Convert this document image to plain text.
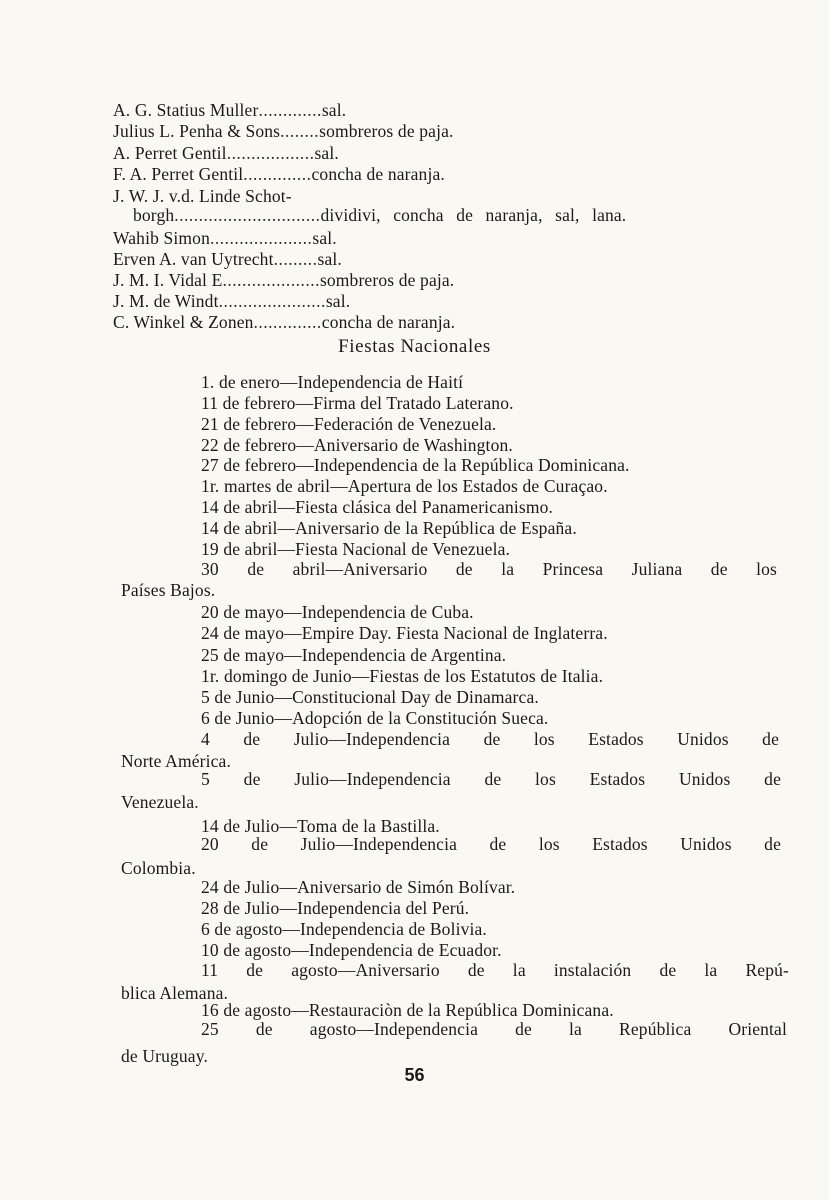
A. G. Statius Muller.............sal.
Julius L. Penha & Sons........sombreros de paja.
A. Perret Gentil..................sal.
F. A. Perret Gentil..............concha de naranja.
J. W. J. v.d. Linde Schot-
borgh..............................dividivi, concha de naranja, sal, lana.
Wahib Simon.....................sal.
Erven A. van Uytrecht.........sal.
J. M. I. Vidal E....................sombreros de paja.
J. M. de Windt......................sal.
C. Winkel & Zonen..............concha de naranja.
Fiestas Nacionales
1. de enero—Independencia de Haití
11 de febrero—Firma del Tratado Laterano.
21 de febrero—Federación de Venezuela.
22 de febrero—Aniversario de Washington.
27 de febrero—Independencia de la República Dominicana.
1r. martes de abril—Apertura de los Estados de Curaçao.
14 de abril—Fiesta clásica del Panamericanismo.
14 de abril—Aniversario de la República de España.
19 de abril—Fiesta Nacional de Venezuela.
30 de abril—Aniversario de la Princesa Juliana de los
Países Bajos.
20 de mayo—Independencia de Cuba.
24 de mayo—Empire Day. Fiesta Nacional de Inglaterra.
25 de mayo—Independencia de Argentina.
1r. domingo de Junio—Fiestas de los Estatutos de Italia.
5 de Junio—Constitucional Day de Dinamarca.
6 de Junio—Adopción de la Constitución Sueca.
4 de Julio—Independencia de los Estados Unidos de
Norte América.
5 de Julio—Independencia de los Estados Unidos de
Venezuela.
14 de Julio—Toma de la Bastilla.
20 de Julio—Independencia de los Estados Unidos de
Colombia.
24 de Julio—Aniversario de Simón Bolívar.
28 de Julio—Independencia del Perú.
6 de agosto—Independencia de Bolivia.
10 de agosto—Independencia de Ecuador.
11 de agosto—Aniversario de la instalación de la Repú-
blica Alemana.
16 de agosto—Restauraciòn de la República Dominicana.
25 de agosto—Independencia de la República Oriental
de Uruguay.
56
